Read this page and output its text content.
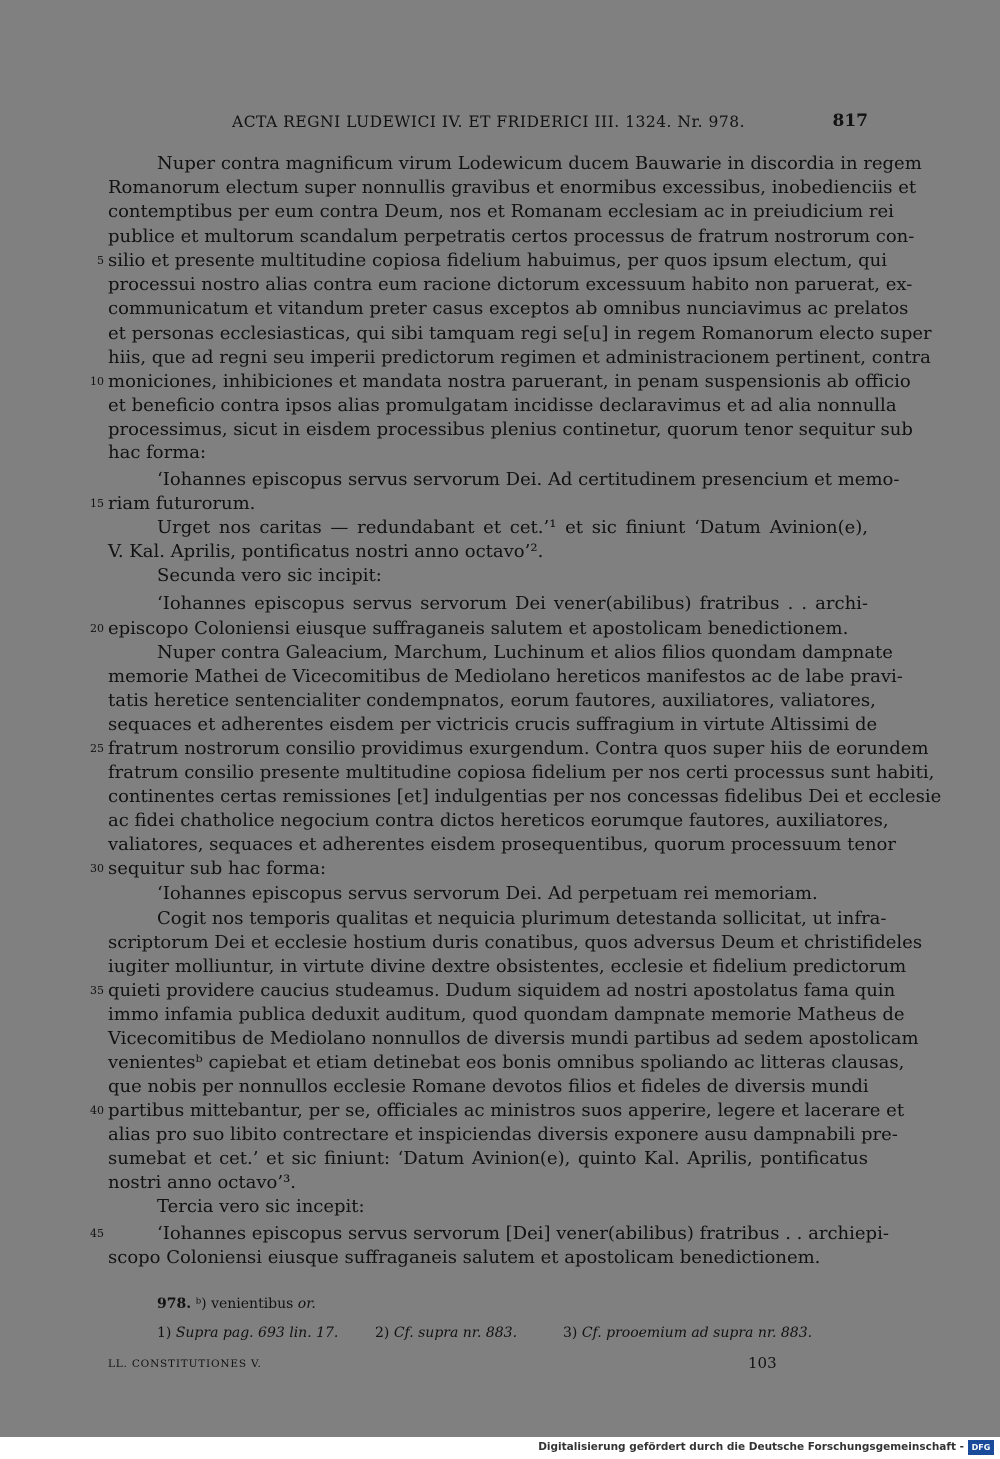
ACTA REGNI LUDEWICI IV. ET FRIDERICI III. 1324. Nr. 978.	817
Nuper contra magnificum virum Lodewicum ducem Bauwarie in discordia in regem
Romanorum electum super nonnullis gravibus et enormibus excessibus, inobedienciis et
contemptibus per eum contra Deum, nos et Romanam ecclesiam ac in preiudicium rei
publice et multorum scandalum perpetratis certos processus de fratrum nostrorum con-
silio et presente multitudine copiosa fidelium habuimus, per quos ipsum electum, qui
processui nostro alias contra eum racione dictorum excessuum habito non paruerat, ex-
communicatum et vitandum preter casus exceptos ab omnibus nunciavimus ac prelatos
et personas ecclesiasticas, qui sibi tamquam regi se[u] in regem Romanorum electo super
hiis, que ad regni seu imperii predictorum regimen et administracionem pertinent, contra
moniciones, inhibiciones et mandata nostra paruerant, in penam suspensionis ab officio
et beneficio contra ipsos alias promulgatam incidisse declaravimus et ad alia nonnulla
processimus, sicut in eisdem processibus plenius continetur, quorum tenor sequitur sub
hac forma:
ʻIohannes episcopus servus servorum Dei. Ad certitudinem presencium et memo-
riam futurorum.
Urget nos caritas — redundabant et cet.’¹ et sic finiunt ʻDatum Avinion(e),
V. Kal. Aprilis, pontificatus nostri anno octavo’².
Secunda vero sic incipit:
ʻIohannes episcopus servus servorum Dei vener(abilibus) fratribus . . archi-
episcopo Coloniensi eiusque suffraganeis salutem et apostolicam benedictionem.
Nuper contra Galeacium, Marchum, Luchinum et alios filios quondam dampnate
memorie Mathei de Vicecomitibus de Mediolano hereticos manifestos ac de labe pravi-
tatis heretice sentencialiter condempnatos, eorum fautores, auxiliatores, valiatores,
sequaces et adherentes eisdem per victricis crucis suffragium in virtute Altissimi de
fratrum nostrorum consilio providimus exurgendum. Contra quos super hiis de eorundem
fratrum consilio presente multitudine copiosa fidelium per nos certi processus sunt habiti,
continentes certas remissiones [et] indulgentias per nos concessas fidelibus Dei et ecclesie
ac fidei chatholice negocium contra dictos hereticos eorumque fautores, auxiliatores,
valiatores, sequaces et adherentes eisdem prosequentibus, quorum processuum tenor
sequitur sub hac forma:
ʻIohannes episcopus servus servorum Dei. Ad perpetuam rei memoriam.
Cogit nos temporis qualitas et nequicia plurimum detestanda sollicitat, ut infra-
scriptorum Dei et ecclesie hostium duris conatibus, quos adversus Deum et christifideles
iugiter molliuntur, in virtute divine dextre obsistentes, ecclesie et fidelium predictorum
quieti providere caucius studeamus. Dudum siquidem ad nostri apostolatus fama quin
immo infamia publica deduxit auditum, quod quondam dampnate memorie Matheus de
Vicecomitibus de Mediolano nonnullos de diversis mundi partibus ad sedem apostolicam
venientesᵇ capiebat et etiam detinebat eos bonis omnibus spoliando ac litteras clausas,
que nobis per nonnullos ecclesie Romane devotos filios et fideles de diversis mundi
partibus mittebantur, per se, officiales ac ministros suos apperire, legere et lacerare et
alias pro suo libito contrectare et inspiciendas diversis exponere ausu dampnabili pre-
sumebat et cet.’ et sic finiunt: ʻDatum Avinion(e), quinto Kal. Aprilis, pontificatus
nostri anno octavo’³.
Tercia vero sic incepit:
ʻIohannes episcopus servus servorum [Dei] vener(abilibus) fratribus . . archiepi-
scopo Coloniensi eiusque suffraganeis salutem et apostolicam benedictionem.
5
10
15
20
25
30
35
40
45
978. ᵇ) venientibus or.
1) Supra pag. 693 lin. 17.	2) Cf. supra nr. 883.	3) Cf. prooemium ad supra nr. 883.
LL. CONSTITUTIONES V.	103
Digitalisierung gefördert durch die Deutsche Forschungsgemeinschaft - DFG
